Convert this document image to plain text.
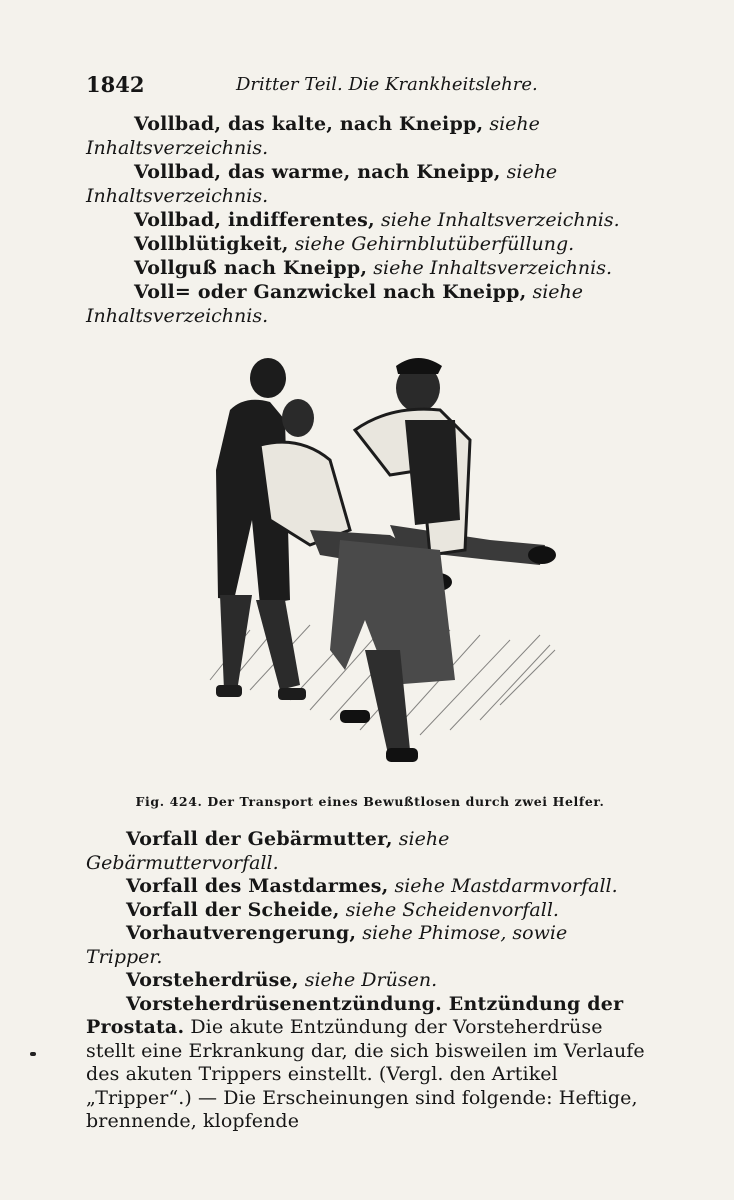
1842	Dritter Teil. Die Krankheitslehre.

Vollbad, das kalte, nach Kneipp, siehe Inhaltsverzeichnis.

Vollbad, das warme, nach Kneipp, siehe Inhaltsverzeichnis.

Vollbad, indifferentes, siehe Inhaltsverzeichnis.

Vollblütigkeit, siehe Gehirnblutüberfüllung.

Vollguß nach Kneipp, siehe Inhaltsverzeichnis.

Voll= oder Ganzwickel nach Kneipp, siehe Inhaltsverzeichnis.

Fig. 424. Der Transport eines Bewußtlosen durch zwei Helfer.

Vorfall der Gebärmutter, siehe Gebärmuttervorfall.

Vorfall des Mastdarmes, siehe Mastdarmvorfall.

Vorfall der Scheide, siehe Scheidenvorfall.

Vorhautverengerung, siehe Phimose, sowie Tripper.

Vorsteherdrüse, siehe Drüsen.

Vorsteherdrüsenentzündung. Entzündung der Prostata. Die akute Entzündung der Vorsteherdrüse stellt eine Erkrankung dar, die sich bisweilen im Verlaufe des akuten Trippers einstellt. (Vergl. den Artikel „Tripper“.) — Die Erscheinungen sind folgende: Heftige, brennende, klopfende
